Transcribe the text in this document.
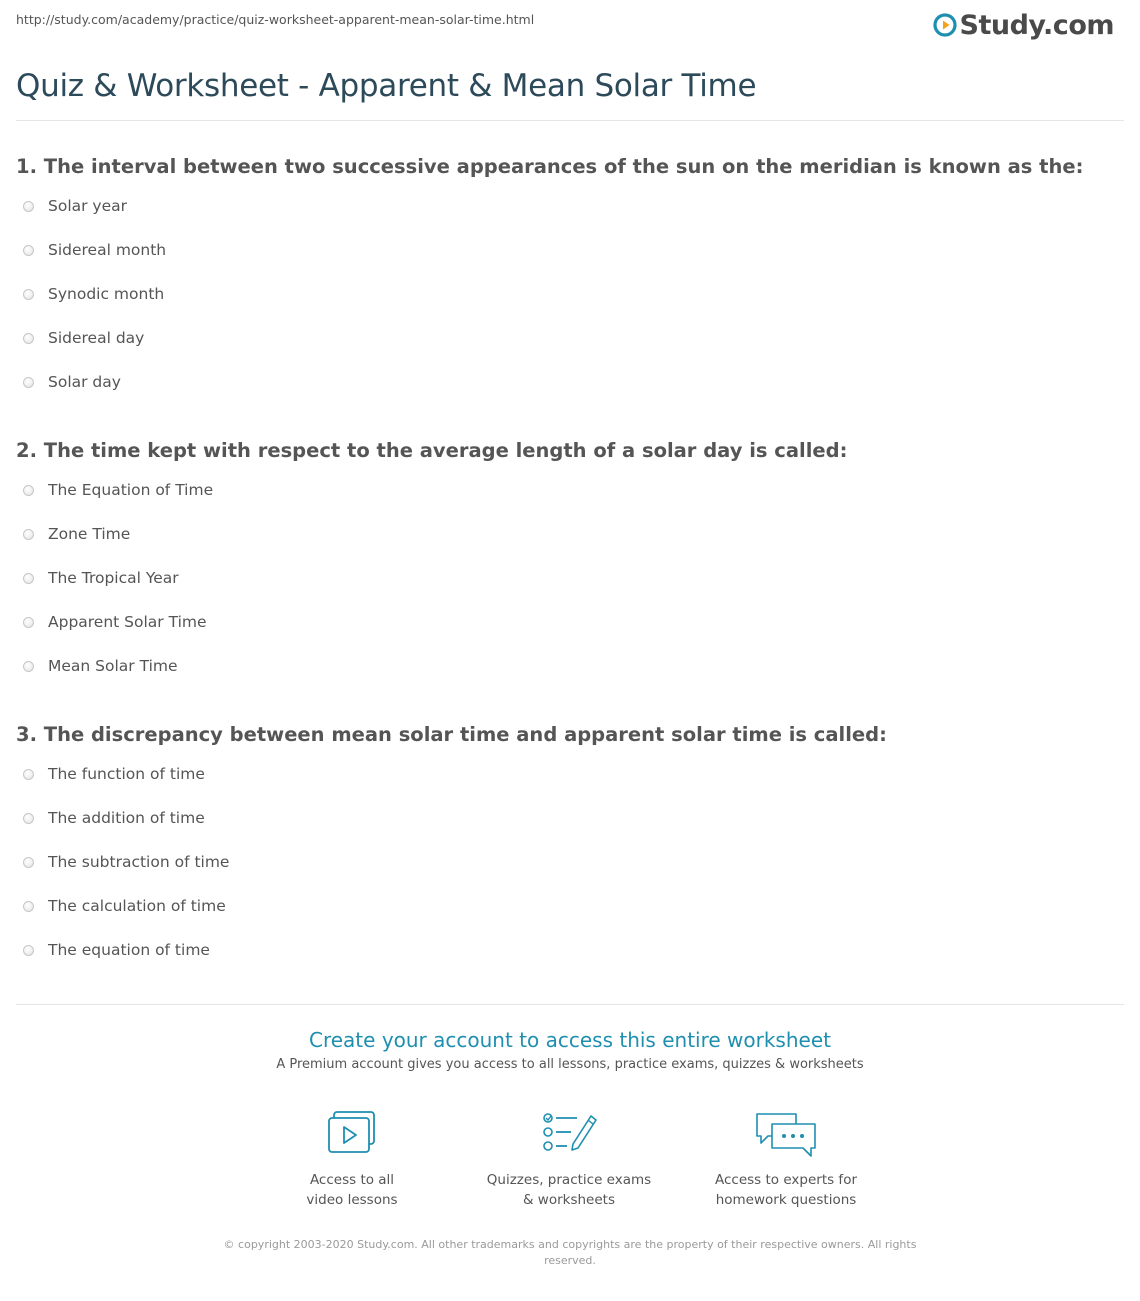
http://study.com/academy/practice/quiz-worksheet-apparent-mean-solar-time.html	Study.com
Quiz & Worksheet - Apparent & Mean Solar Time

1. The interval between two successive appearances of the sun on the meridian is known as the:

Solar year
Sidereal month
Synodic month
Sidereal day
Solar day

2. The time kept with respect to the average length of a solar day is called:

The Equation of Time
Zone Time
The Tropical Year
Apparent Solar Time
Mean Solar Time

3. The discrepancy between mean solar time and apparent solar time is called:

The function of time
The addition of time
The subtraction of time
The calculation of time
The equation of time
Create your account to access this entire worksheet
A Premium account gives you access to all lessons, practice exams, quizzes & worksheets
Access to all
video lessons
Quizzes, practice exams
& worksheets
Access to experts for
homework questions
© copyright 2003-2020 Study.com. All other trademarks and copyrights are the property of their respective owners. All rights reserved.
